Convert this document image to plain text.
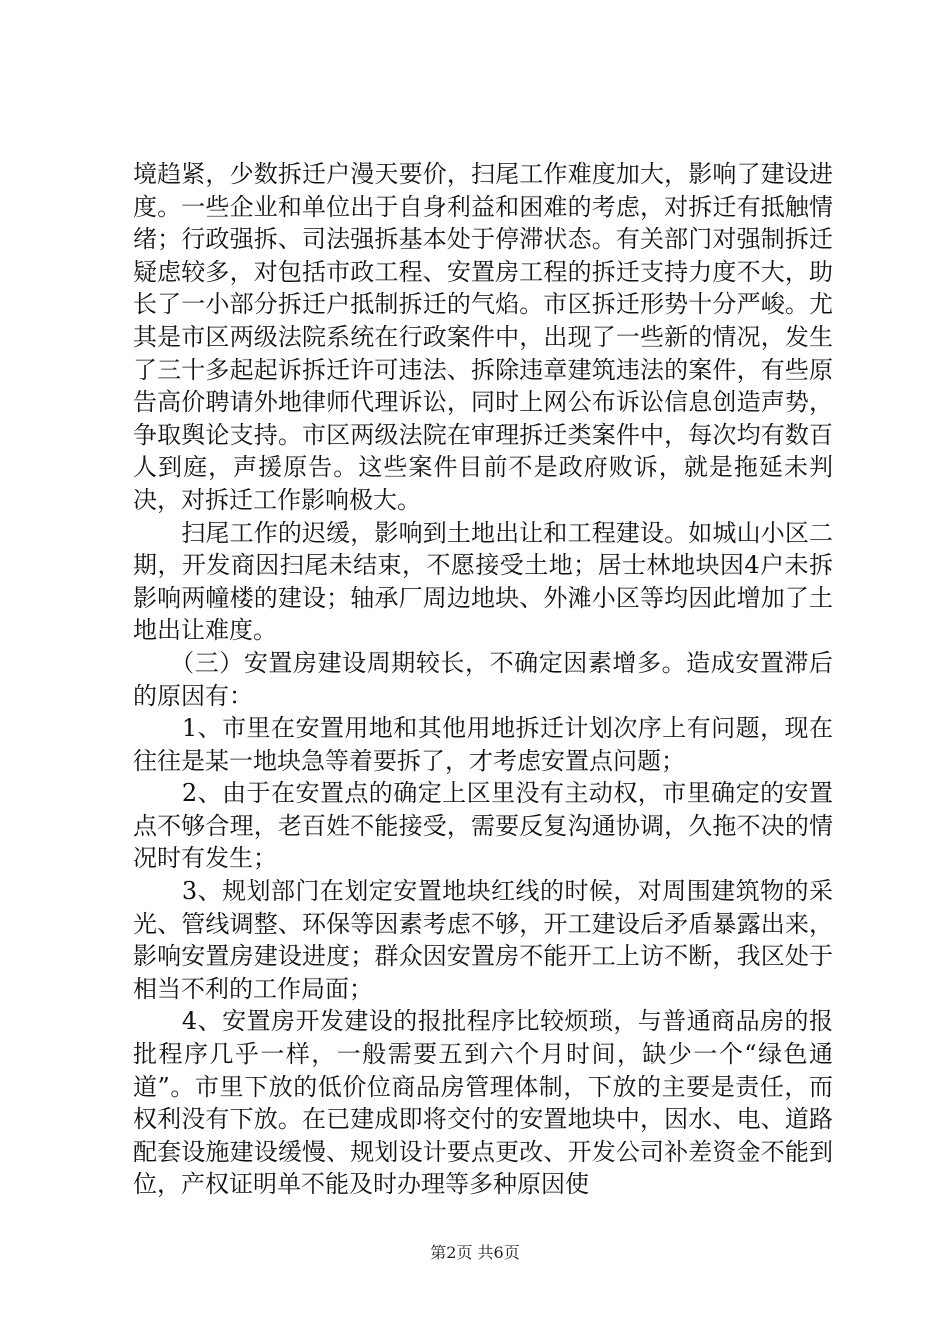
境趋紧，少数拆迁户漫天要价，扫尾工作难度加大，影响了建设进度。一些企业和单位出于自身利益和困难的考虑，对拆迁有抵触情绪；行政强拆、司法强拆基本处于停滞状态。有关部门对强制拆迁疑虑较多，对包括市政工程、安置房工程的拆迁支持力度不大，助长了一小部分拆迁户抵制拆迁的气焰。市区拆迁形势十分严峻。尤其是市区两级法院系统在行政案件中，出现了一些新的情况，发生了三十多起起诉拆迁许可违法、拆除违章建筑违法的案件，有些原告高价聘请外地律师代理诉讼，同时上网公布诉讼信息创造声势，争取舆论支持。市区两级法院在审理拆迁类案件中，每次均有数百人到庭，声援原告。这些案件目前不是政府败诉，就是拖延未判决，对拆迁工作影响极大。

　　扫尾工作的迟缓，影响到土地出让和工程建设。如城山小区二期，开发商因扫尾未结束，不愿接受土地；居士林地块因4户未拆影响两幢楼的建设；轴承厂周边地块、外滩小区等均因此增加了土地出让难度。

　　（三）安置房建设周期较长，不确定因素增多。造成安置滞后的原因有：

　　1、市里在安置用地和其他用地拆迁计划次序上有问题，现在往往是某一地块急等着要拆了，才考虑安置点问题；

　　2、由于在安置点的确定上区里没有主动权，市里确定的安置点不够合理，老百姓不能接受，需要反复沟通协调，久拖不决的情况时有发生；

　　3、规划部门在划定安置地块红线的时候，对周围建筑物的采光、管线调整、环保等因素考虑不够，开工建设后矛盾暴露出来，影响安置房建设进度；群众因安置房不能开工上访不断，我区处于相当不利的工作局面；

　　4、安置房开发建设的报批程序比较烦琐，与普通商品房的报批程序几乎一样，一般需要五到六个月时间，缺少一个“绿色通道”。市里下放的低价位商品房管理体制，下放的主要是责任，而权利没有下放。在已建成即将交付的安置地块中，因水、电、道路配套设施建设缓慢、规划设计要点更改、开发公司补差资金不能到位，产权证明单不能及时办理等多种原因使

第2页 共6页
